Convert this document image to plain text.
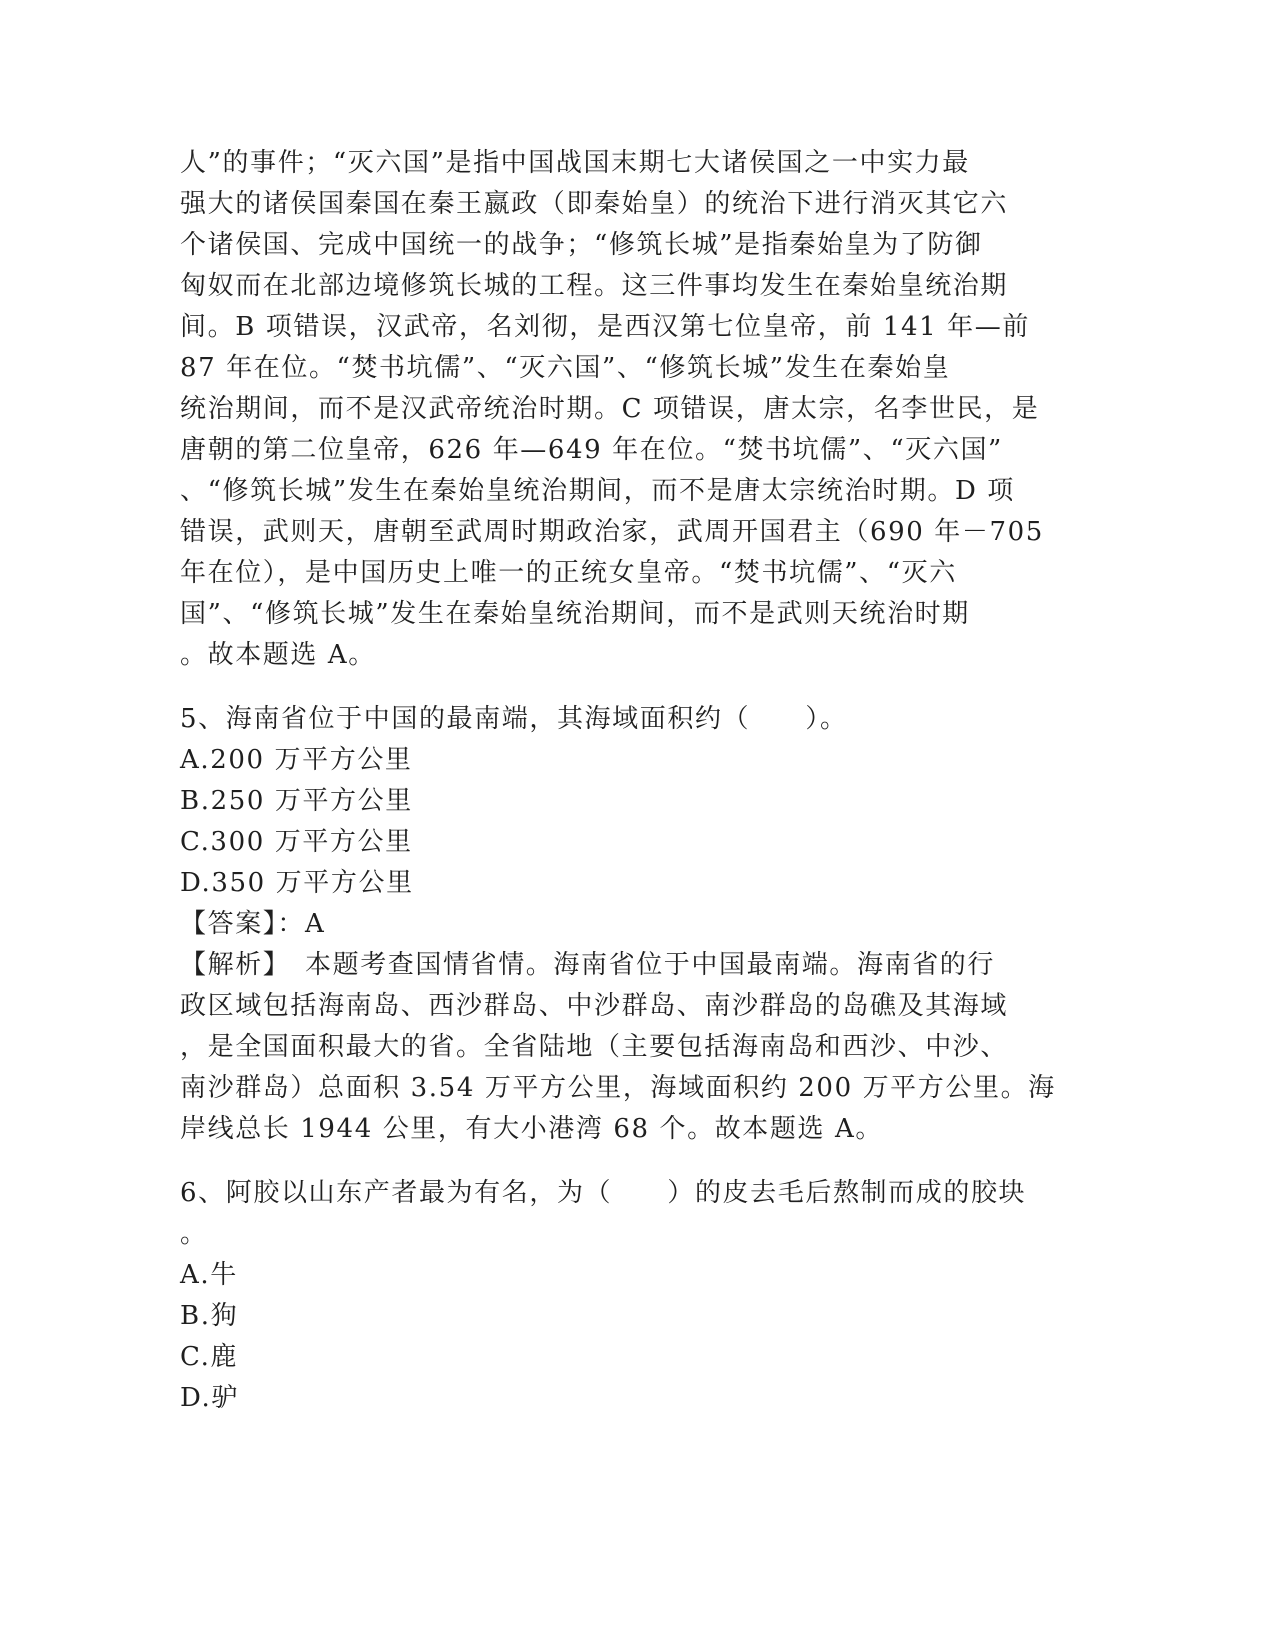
人”的事件；“灭六国”是指中国战国末期七大诸侯国之一中实力最
强大的诸侯国秦国在秦王嬴政（即秦始皇）的统治下进行消灭其它六
个诸侯国、完成中国统一的战争；“修筑长城”是指秦始皇为了防御
匈奴而在北部边境修筑长城的工程。这三件事均发生在秦始皇统治期
间。B 项错误，汉武帝，名刘彻，是西汉第七位皇帝，前 141 年—前
87 年在位。“焚书坑儒”、“灭六国”、“修筑长城”发生在秦始皇
统治期间，而不是汉武帝统治时期。C 项错误，唐太宗，名李世民，是
唐朝的第二位皇帝，626 年—649 年在位。“焚书坑儒”、“灭六国”
、“修筑长城”发生在秦始皇统治期间，而不是唐太宗统治时期。D 项
错误，武则天，唐朝至武周时期政治家，武周开国君主（690 年－705
年在位），是中国历史上唯一的正统女皇帝。“焚书坑儒”、“灭六
国”、“修筑长城”发生在秦始皇统治期间，而不是武则天统治时期
。故本题选 A。
5、海南省位于中国的最南端，其海域面积约（　　）。
A.200 万平方公里
B.250 万平方公里
C.300 万平方公里
D.350 万平方公里
【答案】：A
【解析】　本题考查国情省情。海南省位于中国最南端。海南省的行
政区域包括海南岛、西沙群岛、中沙群岛、南沙群岛的岛礁及其海域
，是全国面积最大的省。全省陆地（主要包括海南岛和西沙、中沙、
南沙群岛）总面积 3.54 万平方公里，海域面积约 200 万平方公里。海
岸线总长 1944 公里，有大小港湾 68 个。故本题选 A。
6、阿胶以山东产者最为有名，为（　　）的皮去毛后熬制而成的胶块
。
A.牛
B.狗
C.鹿
D.驴
